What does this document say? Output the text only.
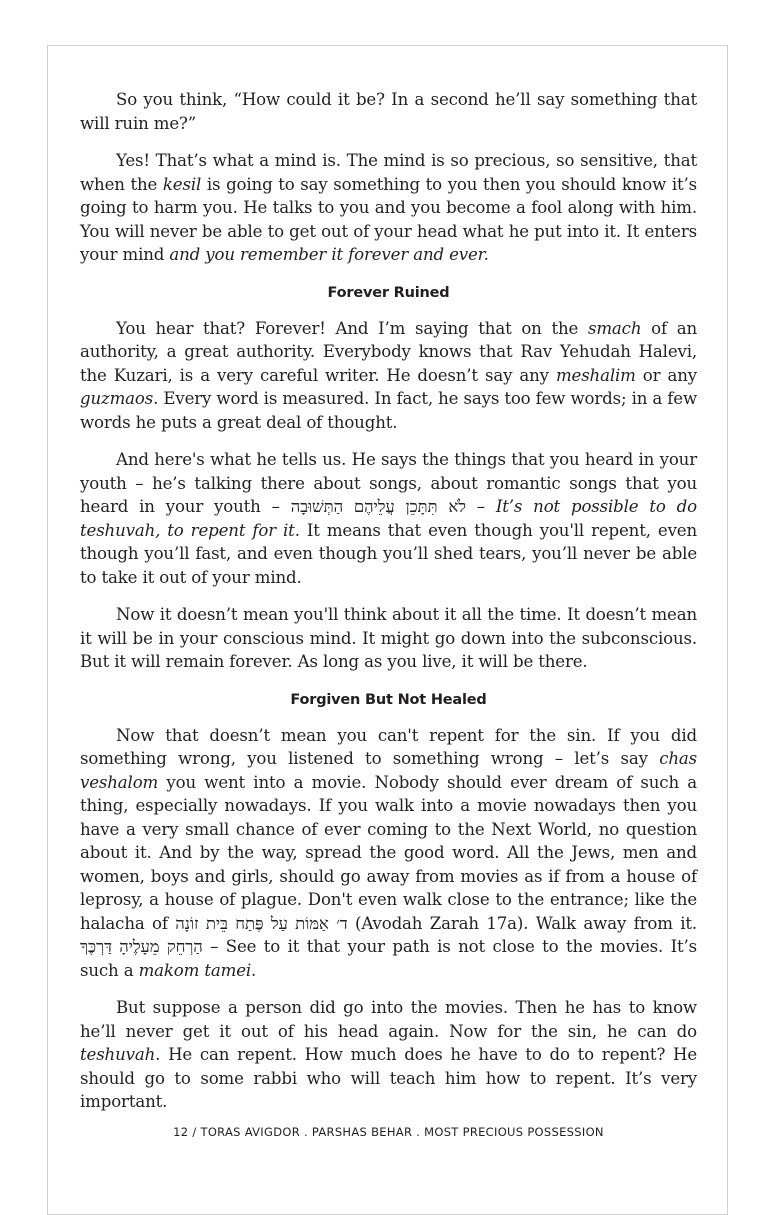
So you think, “How could it be? In a second he’ll say something that will ruin me?”

Yes! That’s what a mind is. The mind is so precious, so sensitive, that when the kesil is going to say something to you then you should know it’s going to harm you. He talks to you and you become a fool along with him. You will never be able to get out of your head what he put into it. It enters your mind and you remember it forever and ever.

Forever Ruined

You hear that? Forever! And I’m saying that on the smach of an authority, a great authority. Everybody knows that Rav Yehudah Halevi, the Kuzari, is a very careful writer. He doesn’t say any meshalim or any guzmaos. Every word is measured. In fact, he says too few words; in a few words he puts a great deal of thought.

And here's what he tells us. He says the things that you heard in your youth – he’s talking there about songs, about romantic songs that you heard in your youth – לֹא תִּתָּכֵן עֲלֵיהֶם הַתְּשׁוּבָה – It’s not possible to do teshuvah, to repent for it. It means that even though you'll repent, even though you’ll fast, and even though you’ll shed tears, you’ll never be able to take it out of your mind.

Now it doesn’t mean you'll think about it all the time. It doesn’t mean it will be in your conscious mind. It might go down into the subconscious. But it will remain forever. As long as you live, it will be there.

Forgiven But Not Healed

Now that doesn’t mean you can't repent for the sin. If you did something wrong, you listened to something wrong – let’s say chas veshalom you went into a movie. Nobody should ever dream of such a thing, especially nowadays. If you walk into a movie nowadays then you have a very small chance of ever coming to the Next World, no question about it. And by the way, spread the good word. All the Jews, men and women, boys and girls, should go away from movies as if from a house of leprosy, a house of plague. Don't even walk close to the entrance; like the halacha of ד׳ אַמּוֹת עַל פֶּתַח בֵּית זוֹנָה (Avodah Zarah 17a). Walk away from it. הַרְחֵק מֵעָלֶיהָ דַּרְכֶּךָ – See to it that your path is not close to the movies. It’s such a makom tamei.

But suppose a person did go into the movies. Then he has to know he’ll never get it out of his head again. Now for the sin, he can do teshuvah. He can repent. How much does he have to do to repent? He should go to some rabbi who will teach him how to repent. It’s very important.

12 / TORAS AVIGDOR . PARSHAS BEHAR . MOST PRECIOUS POSSESSION
